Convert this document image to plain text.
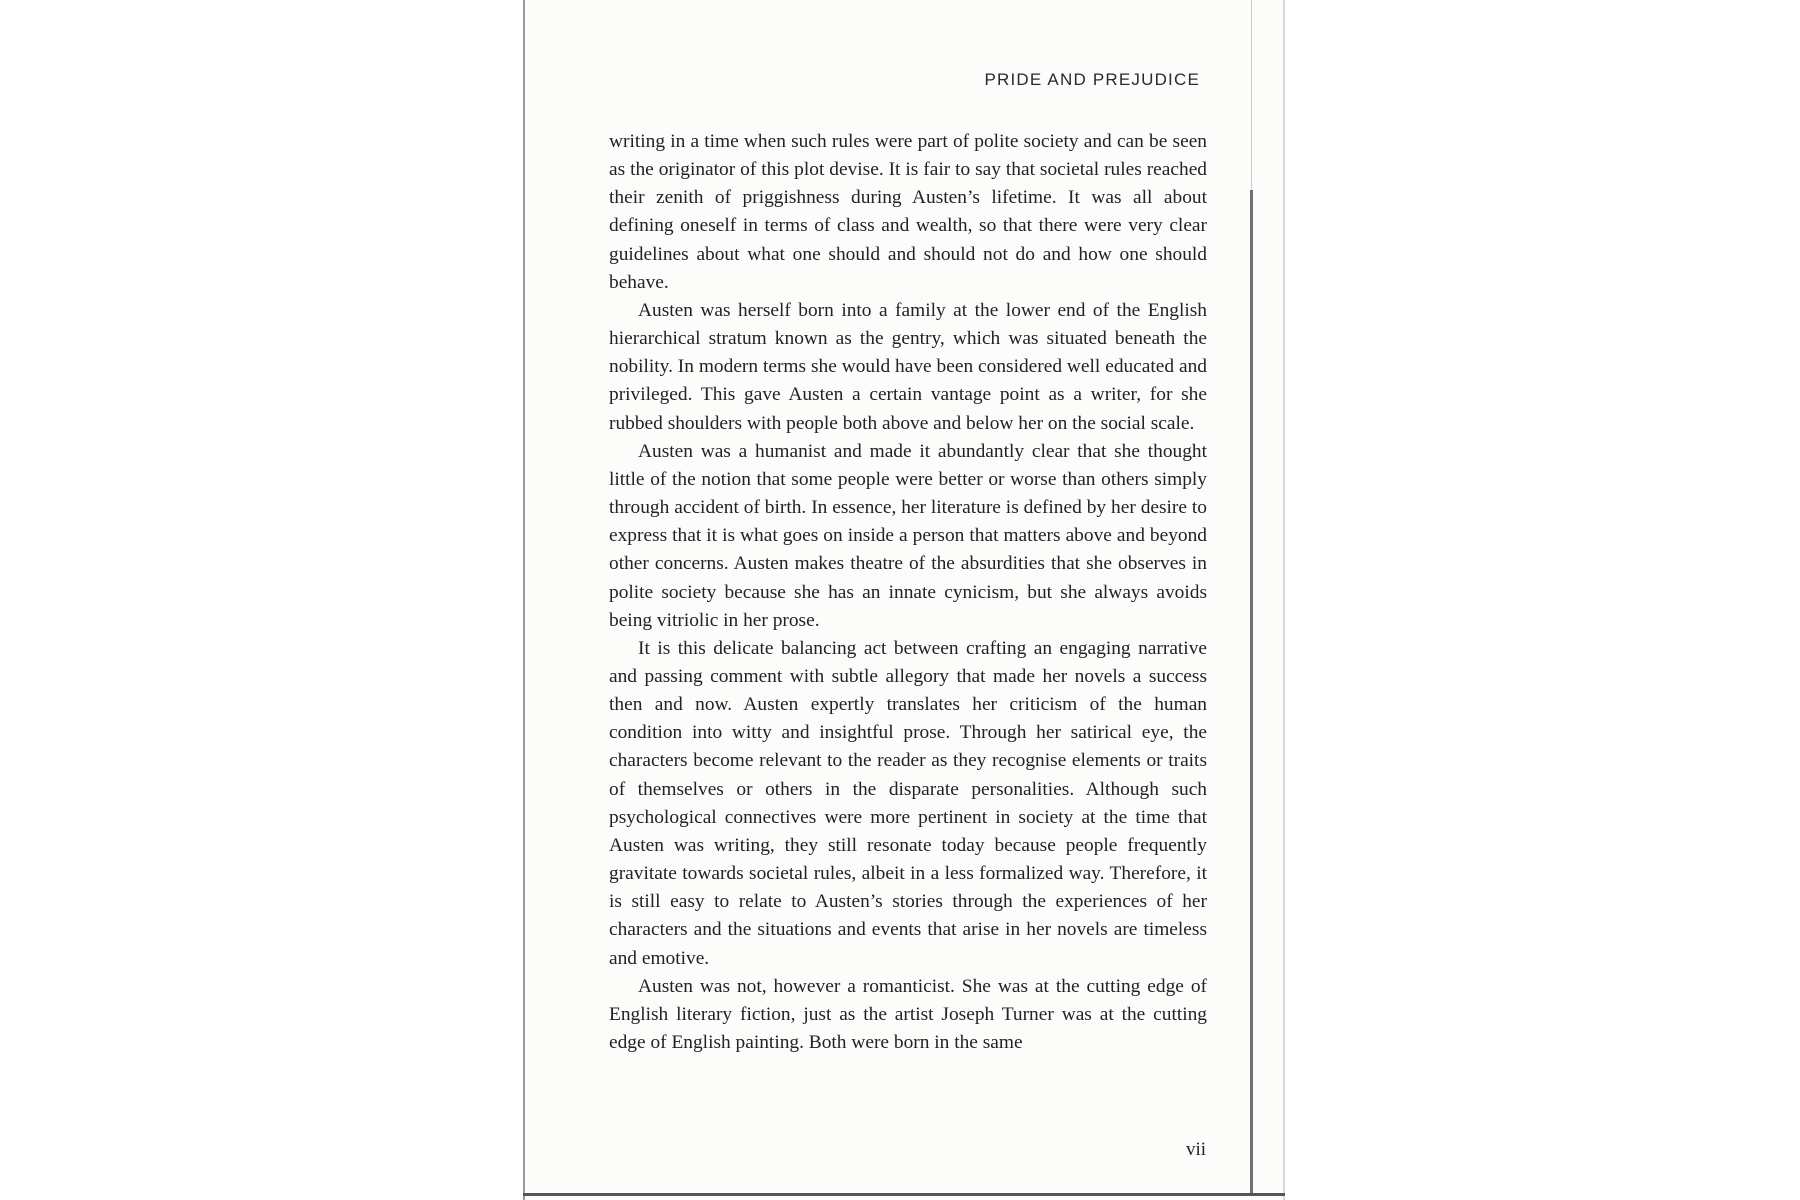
PRIDE AND PREJUDICE

writing in a time when such rules were part of polite society and can be seen as the originator of this plot devise. It is fair to say that societal rules reached their zenith of priggishness during Austen’s lifetime. It was all about defining oneself in terms of class and wealth, so that there were very clear guidelines about what one should and should not do and how one should behave.

Austen was herself born into a family at the lower end of the English hierarchical stratum known as the gentry, which was situated beneath the nobility. In modern terms she would have been considered well educated and privileged. This gave Austen a certain vantage point as a writer, for she rubbed shoulders with people both above and below her on the social scale.

Austen was a humanist and made it abundantly clear that she thought little of the notion that some people were better or worse than others simply through accident of birth. In essence, her literature is defined by her desire to express that it is what goes on inside a person that matters above and beyond other concerns. Austen makes theatre of the absurdities that she observes in polite society because she has an innate cynicism, but she always avoids being vitriolic in her prose.

It is this delicate balancing act between crafting an engaging narrative and passing comment with subtle allegory that made her novels a success then and now. Austen expertly translates her criticism of the human condition into witty and insightful prose. Through her satirical eye, the characters become relevant to the reader as they recognise elements or traits of themselves or others in the disparate personalities. Although such psychological connectives were more pertinent in society at the time that Austen was writing, they still resonate today because people frequently gravitate towards societal rules, albeit in a less formalized way. Therefore, it is still easy to relate to Austen’s stories through the experiences of her characters and the situations and events that arise in her novels are timeless and emotive.

Austen was not, however a romanticist. She was at the cutting edge of English literary fiction, just as the artist Joseph Turner was at the cutting edge of English painting. Both were born in the same

vii
